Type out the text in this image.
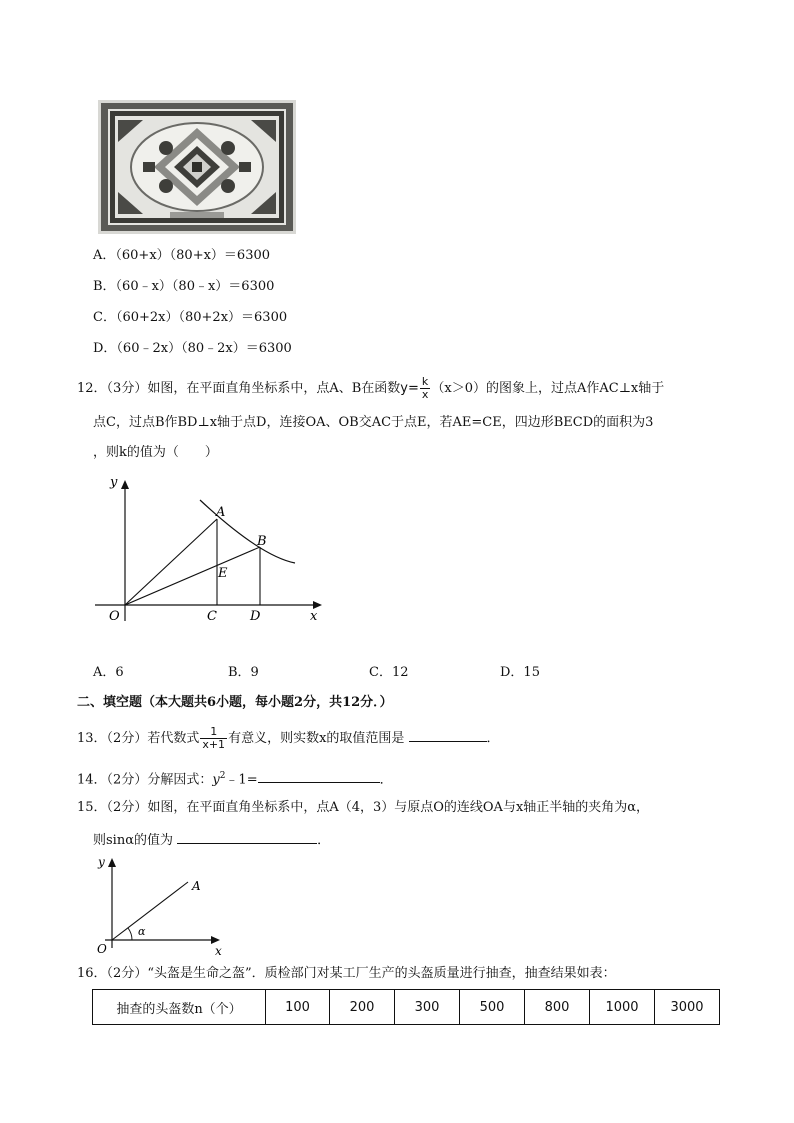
A．（60+x）（80+x）＝6300
B．（60﹣x）（80﹣x）＝6300
C．（60+2x）（80+2x）＝6300
D．（60﹣2x）（80﹣2x）＝6300
12．（3分）如图，在平面直角坐标系中，点A、B在函数$y= \frac{k}{x} (x>0)$的图象上，过点A作AC⊥x轴于
点C，过点B作BD⊥x轴于点D，连接OA、OB交AC于点E，若AE=CE，四边形BECD的面积为3
，则k的值为（　　）
y
x
O
A
B
C	D
E
A．6	B．9	C．12	D．15
二、填空题（本大题共6小题，每小题2分，共12分．）
13．（2分）若代数式 $\frac{1}{x+1}$ 有意义，则实数x的取值范围是	．
14．（2分）分解因式：$y^2﹣1=$	．
15．（2分）如图，在平面直角坐标系中，点A（4，3）与原点O的连线OA与x轴正半轴的夹角为α，
则sinα的值为	．
y
x
O
A
α
16．（2分）“头盔是生命之盔”．质检部门对某工厂生产的头盔质量进行抽查，抽查结果如表：
抽查的头盔数n（个）	100	200	300	500	800	1000	3000
